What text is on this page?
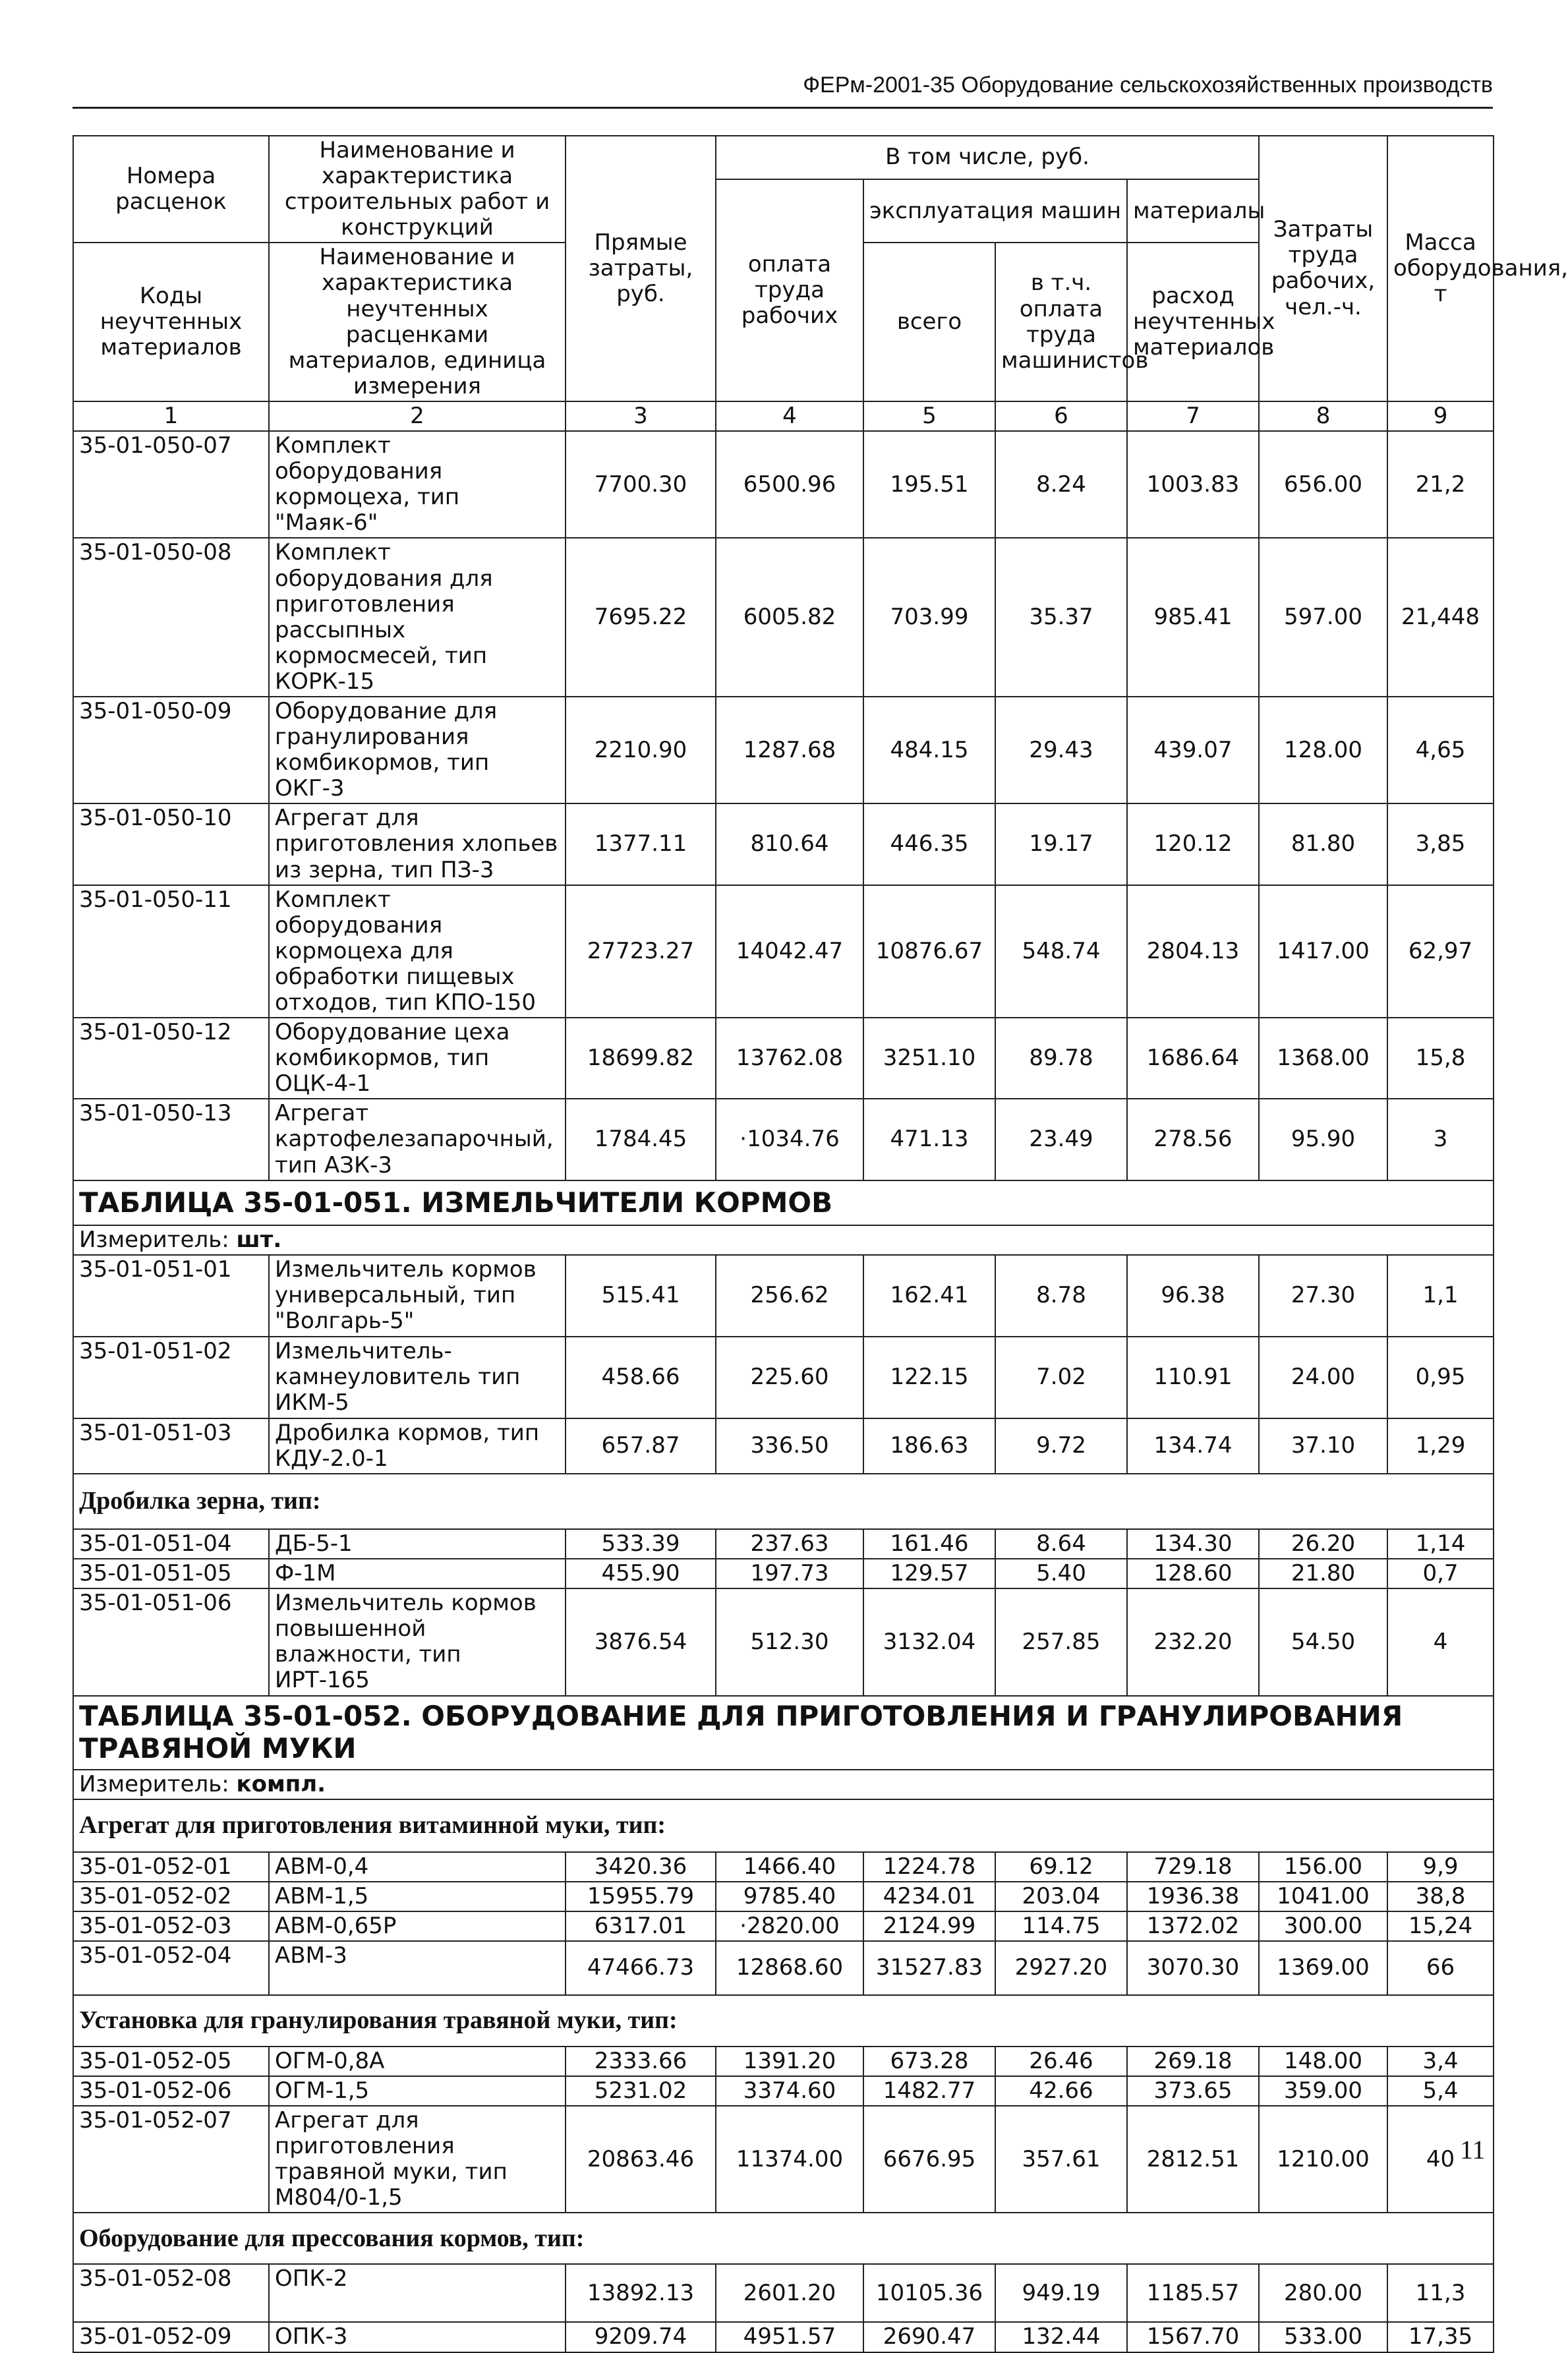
ФЕРм-2001-35 Оборудование сельскохозяйственных производств
Номера расценок	Наименование и характеристика строительных работ и конструкций	Прямые затраты, руб.	В том числе, руб.				Затраты труда рабочих, чел.-ч.	Масса оборудования, т
			оплата труда рабочих	эксплуатация машин		материалы		
Коды неучтенных материалов	Наименование и характеристика неучтенных расценками материалов, единица измерения			всего	в т.ч. оплата труда машинистов	расход неучтенных материалов		

1	2	3	4	5	6	7	8	9
35-01-050-07	Комплект оборудования кормоцеха, тип "Маяк-6"	7700.30	6500.96	195.51	8.24	1003.83	656.00	21,2
35-01-050-08	Комплект оборудования для приготовления рассыпных кормосмесей, тип КОРК-15	7695.22	6005.82	703.99	35.37	985.41	597.00	21,448
35-01-050-09	Оборудование для гранулирования комбикормов, тип ОКГ-3	2210.90	1287.68	484.15	29.43	439.07	128.00	4,65
35-01-050-10	Агрегат для приготовления хлопьев из зерна, тип ПЗ-3	1377.11	810.64	446.35	19.17	120.12	81.80	3,85
35-01-050-11	Комплект оборудования кормоцеха для обработки пищевых отходов, тип КПО-150	27723.27	14042.47	10876.67	548.74	2804.13	1417.00	62,97
35-01-050-12	Оборудование цеха комбикормов, тип ОЦК-4-1	18699.82	13762.08	3251.10	89.78	1686.64	1368.00	15,8
35-01-050-13	Агрегат картофелезапарочный, тип АЗК-3	1784.45	·1034.76	471.13	23.49	278.56	95.90	3
ТАБЛИЦА 35-01-051. ИЗМЕЛЬЧИТЕЛИ КОРМОВ								
Измеритель: шт.								
35-01-051-01	Измельчитель кормов универсальный, тип "Волгарь-5"	515.41	256.62	162.41	8.78	96.38	27.30	1,1
35-01-051-02	Измельчитель-камнеуловитель тип ИКМ-5	458.66	225.60	122.15	7.02	110.91	24.00	0,95
35-01-051-03	Дробилка кормов, тип КДУ-2.0-1	657.87	336.50	186.63	9.72	134.74	37.10	1,29
Дробилка зерна, тип:								
35-01-051-04	ДБ-5-1	533.39	237.63	161.46	8.64	134.30	26.20	1,14
35-01-051-05	Ф-1М	455.90	197.73	129.57	5.40	128.60	21.80	0,7
35-01-051-06	Измельчитель кормов повышенной влажности, тип ИРТ-165	3876.54	512.30	3132.04	257.85	232.20	54.50	4
ТАБЛИЦА 35-01-052. ОБОРУДОВАНИЕ ДЛЯ ПРИГОТОВЛЕНИЯ И ГРАНУЛИРОВАНИЯ ТРАВЯНОЙ МУКИ								
Измеритель: компл.								
Агрегат для приготовления витаминной муки, тип:								
35-01-052-01	АВМ-0,4	3420.36	1466.40	1224.78	69.12	729.18	156.00	9,9
35-01-052-02	АВМ-1,5	15955.79	9785.40	4234.01	203.04	1936.38	1041.00	38,8
35-01-052-03	АВМ-0,65Р	6317.01	·2820.00	2124.99	114.75	1372.02	300.00	15,24
35-01-052-04	АВМ-3	47466.73	12868.60	31527.83	2927.20	3070.30	1369.00	66
Установка для гранулирования травяной муки, тип:								
35-01-052-05	ОГМ-0,8А	2333.66	1391.20	673.28	26.46	269.18	148.00	3,4
35-01-052-06	ОГМ-1,5	5231.02	3374.60	1482.77	42.66	373.65	359.00	5,4
35-01-052-07	Агрегат для приготовления травяной муки, тип М804/0-1,5	20863.46	11374.00	6676.95	357.61	2812.51	1210.00	40
Оборудование для прессования кормов, тип:								
35-01-052-08	ОПК-2	13892.13	2601.20	10105.36	949.19	1185.57	280.00	11,3
35-01-052-09	ОПК-3	9209.74	4951.57	2690.47	132.44	1567.70	533.00	17,35
11
